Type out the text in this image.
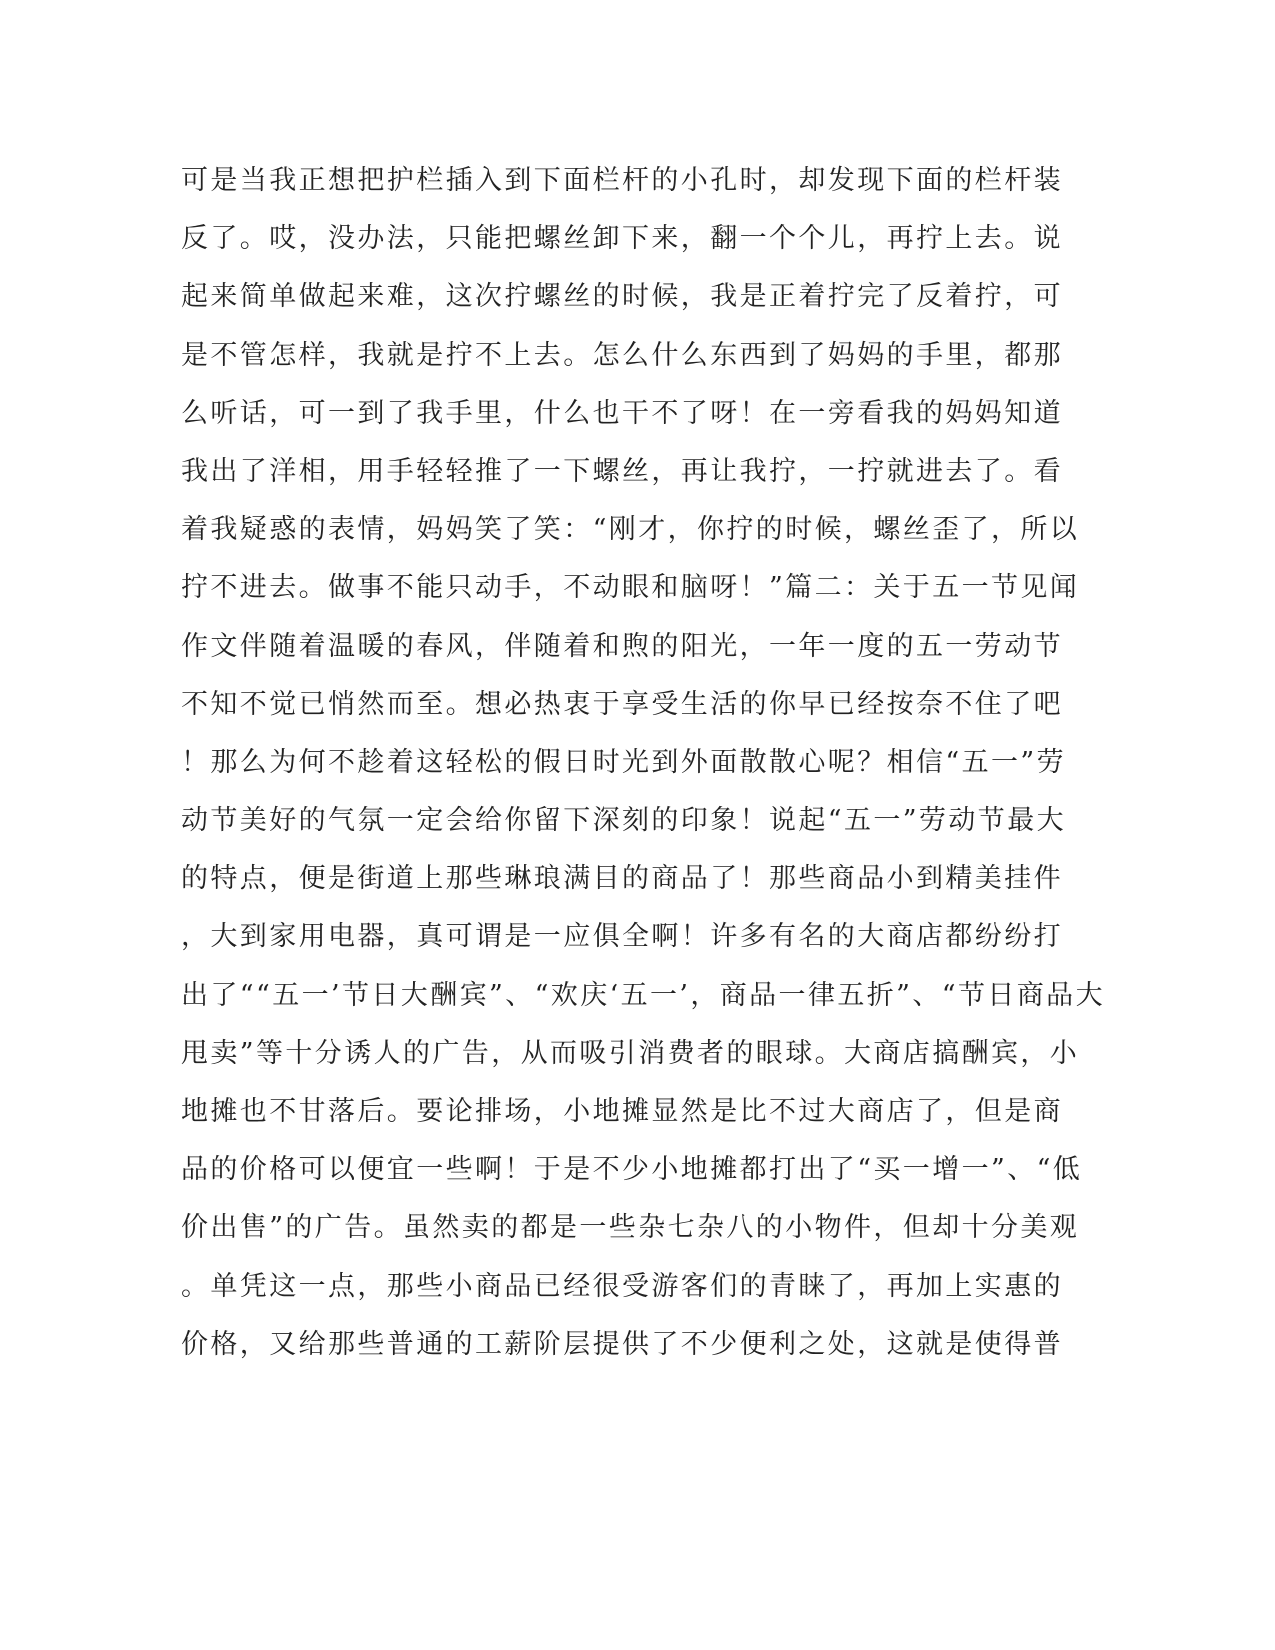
可是当我正想把护栏插入到下面栏杆的小孔时，却发现下面的栏杆装
反了。哎，没办法，只能把螺丝卸下来，翻一个个儿，再拧上去。说
起来简单做起来难，这次拧螺丝的时候，我是正着拧完了反着拧，可
是不管怎样，我就是拧不上去。怎么什么东西到了妈妈的手里，都那
么听话，可一到了我手里，什么也干不了呀！在一旁看我的妈妈知道
我出了洋相，用手轻轻推了一下螺丝，再让我拧，一拧就进去了。看
着我疑惑的表情，妈妈笑了笑：“刚才，你拧的时候，螺丝歪了，所以
拧不进去。做事不能只动手，不动眼和脑呀！”篇二：关于五一节见闻
作文伴随着温暖的春风，伴随着和煦的阳光，一年一度的五一劳动节
不知不觉已悄然而至。想必热衷于享受生活的你早已经按奈不住了吧
！那么为何不趁着这轻松的假日时光到外面散散心呢？相信“五一”劳
动节美好的气氛一定会给你留下深刻的印象！说起“五一”劳动节最大
的特点，便是街道上那些琳琅满目的商品了！那些商品小到精美挂件
，大到家用电器，真可谓是一应俱全啊！许多有名的大商店都纷纷打
出了““五一’节日大酬宾”、“欢庆‘五一’，商品一律五折”、“节日商品大
甩卖”等十分诱人的广告，从而吸引消费者的眼球。大商店搞酬宾，小
地摊也不甘落后。要论排场，小地摊显然是比不过大商店了，但是商
品的价格可以便宜一些啊！于是不少小地摊都打出了“买一增一”、“低
价出售”的广告。虽然卖的都是一些杂七杂八的小物件，但却十分美观
。单凭这一点，那些小商品已经很受游客们的青睐了，再加上实惠的
价格，又给那些普通的工薪阶层提供了不少便利之处，这就是使得普
